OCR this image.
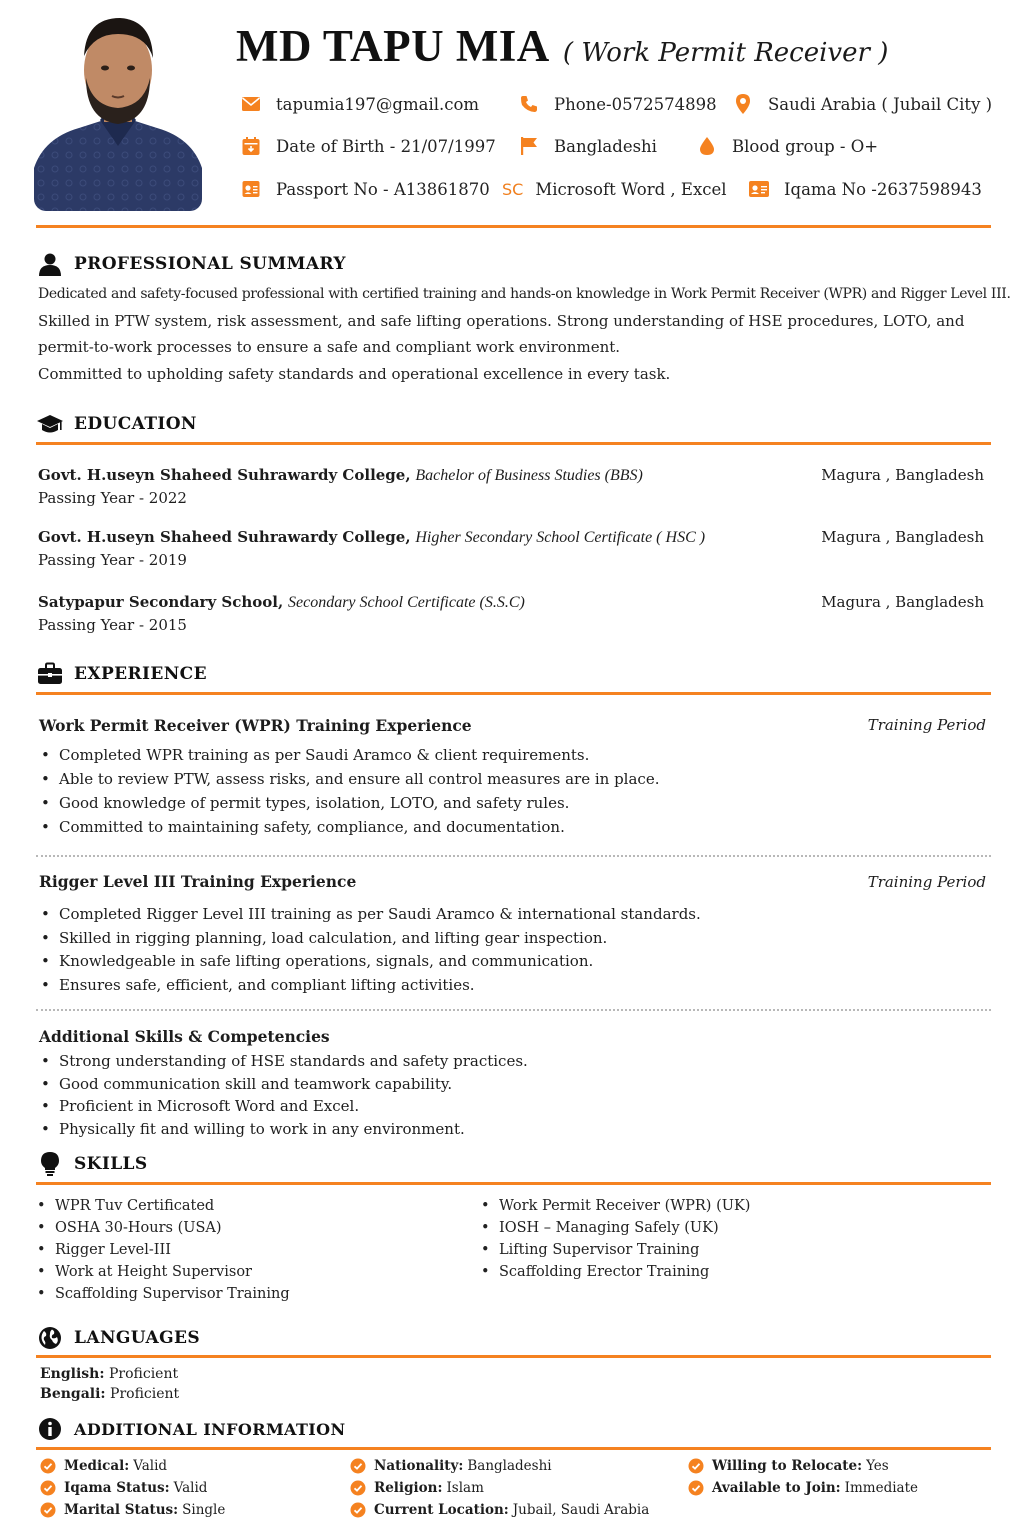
MD TAPU MIA ( Work Permit Receiver )
tapumia197@gmail.com	Phone-0572574898	Saudi Arabia ( Jubail City )
Date of Birth - 21/07/1997	Bangladeshi	Blood group - O+
Passport No - A13861870 SC Microsoft Word , Excel	Iqama No -2637598943
PROFESSIONAL SUMMARY

Dedicated and safety-focused professional with certified training and hands-on knowledge in Work Permit Receiver (WPR) and Rigger Level III.

Skilled in PTW system, risk assessment, and safe lifting operations. Strong understanding of HSE procedures, LOTO, and

permit-to-work processes to ensure a safe and compliant work environment.

Committed to upholding safety standards and operational excellence in every task.

EDUCATION
Govt. H.useyn Shaheed Suhrawardy College, Bachelor of Business Studies (BBS)	Magura , Bangladesh
Passing Year - 2022
Govt. H.useyn Shaheed Suhrawardy College, Higher Secondary School Certificate ( HSC )	Magura , Bangladesh
Passing Year - 2019
Satypapur Secondary School, Secondary School Certificate (S.S.C)	Magura , Bangladesh
Passing Year - 2015
EXPERIENCE
Work Permit Receiver (WPR) Training Experience	Training Period
• Completed WPR training as per Saudi Aramco & client requirements.
• Able to review PTW, assess risks, and ensure all control measures are in place.
• Good knowledge of permit types, isolation, LOTO, and safety rules.
• Committed to maintaining safety, compliance, and documentation.
Rigger Level III Training Experience	Training Period
• Completed Rigger Level III training as per Saudi Aramco & international standards.
• Skilled in rigging planning, load calculation, and lifting gear inspection.
• Knowledgeable in safe lifting operations, signals, and communication.
• Ensures safe, efficient, and compliant lifting activities.
Additional Skills & Competencies
• Strong understanding of HSE standards and safety practices.
• Good communication skill and teamwork capability.
• Proficient in Microsoft Word and Excel.
• Physically fit and willing to work in any environment.
SKILLS
• WPR Tuv Certificated
• OSHA 30-Hours (USA)
• Rigger Level-III
• Work at Height Supervisor
• Scaffolding Supervisor Training
• Work Permit Receiver (WPR) (UK)
• IOSH – Managing Safely (UK)
• Lifting Supervisor Training
• Scaffolding Erector Training
LANGUAGES
English: Proficient
Bengali: Proficient
ADDITIONAL INFORMATION
Medical: Valid
Iqama Status: Valid
Marital Status: Single
Nationality: Bangladeshi
Religion: Islam
Current Location: Jubail, Saudi Arabia
Willing to Relocate: Yes
Available to Join: Immediate
